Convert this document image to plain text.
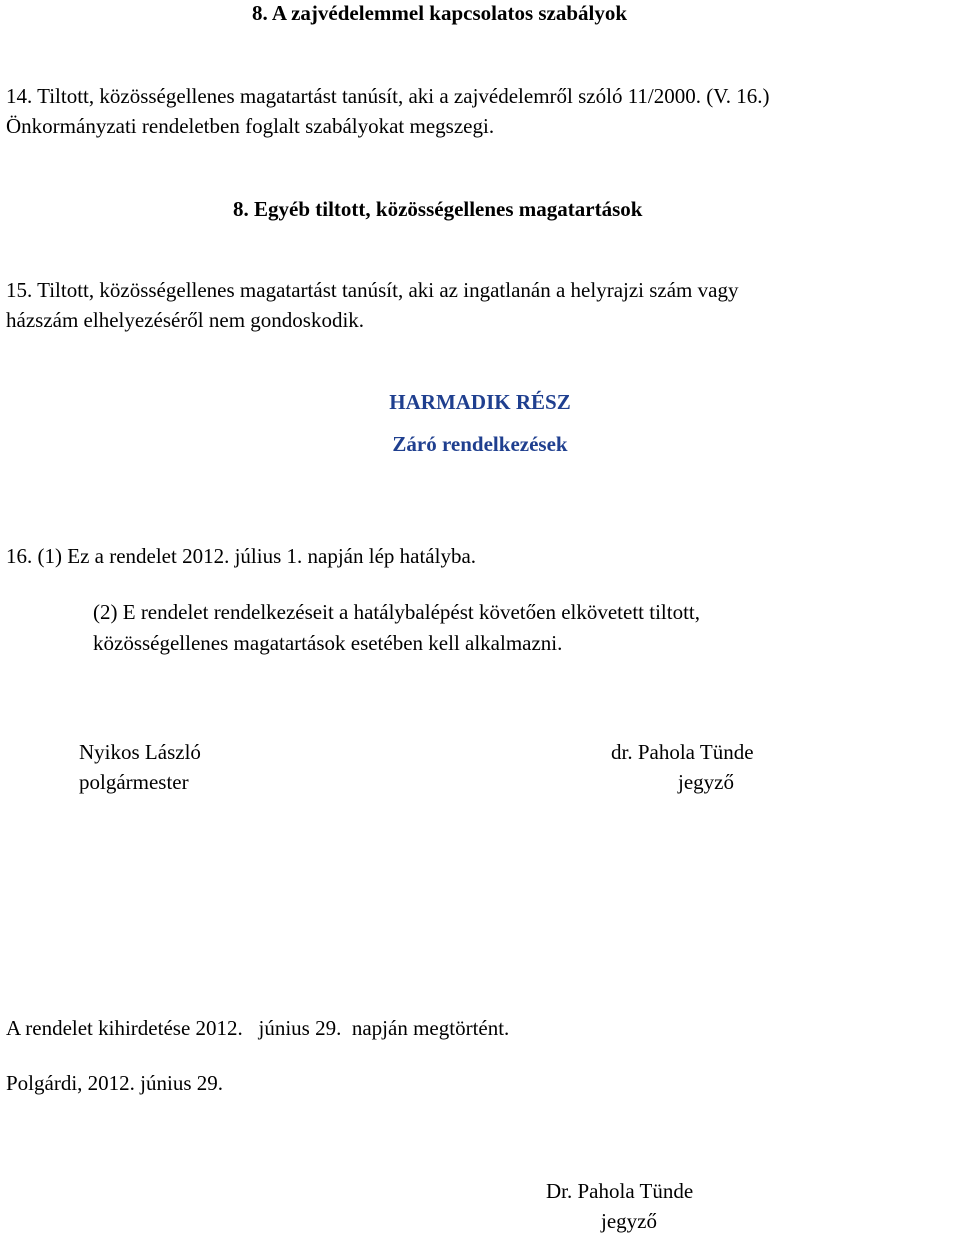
8. A zajvédelemmel kapcsolatos szabályok
14. Tiltott, közösségellenes magatartást tanúsít, aki a zajvédelemről szóló 11/2000. (V. 16.)
Önkormányzati rendeletben foglalt szabályokat megszegi.
8. Egyéb tiltott, közösségellenes magatartások
15. Tiltott, közösségellenes magatartást tanúsít, aki az ingatlanán a helyrajzi szám vagy
házszám elhelyezéséről nem gondoskodik.
HARMADIK RÉSZ
Záró rendelkezések
16. (1) Ez a rendelet 2012. július 1. napján lép hatályba.
(2) E rendelet rendelkezéseit a hatálybalépést követően elkövetett tiltott,
közösségellenes magatartások esetében kell alkalmazni.
Nyikos László
polgármester
dr. Pahola Tünde
jegyző
A rendelet kihirdetése 2012.   június 29.  napján megtörtént.
Polgárdi, 2012. június 29.
Dr. Pahola Tünde
jegyző
